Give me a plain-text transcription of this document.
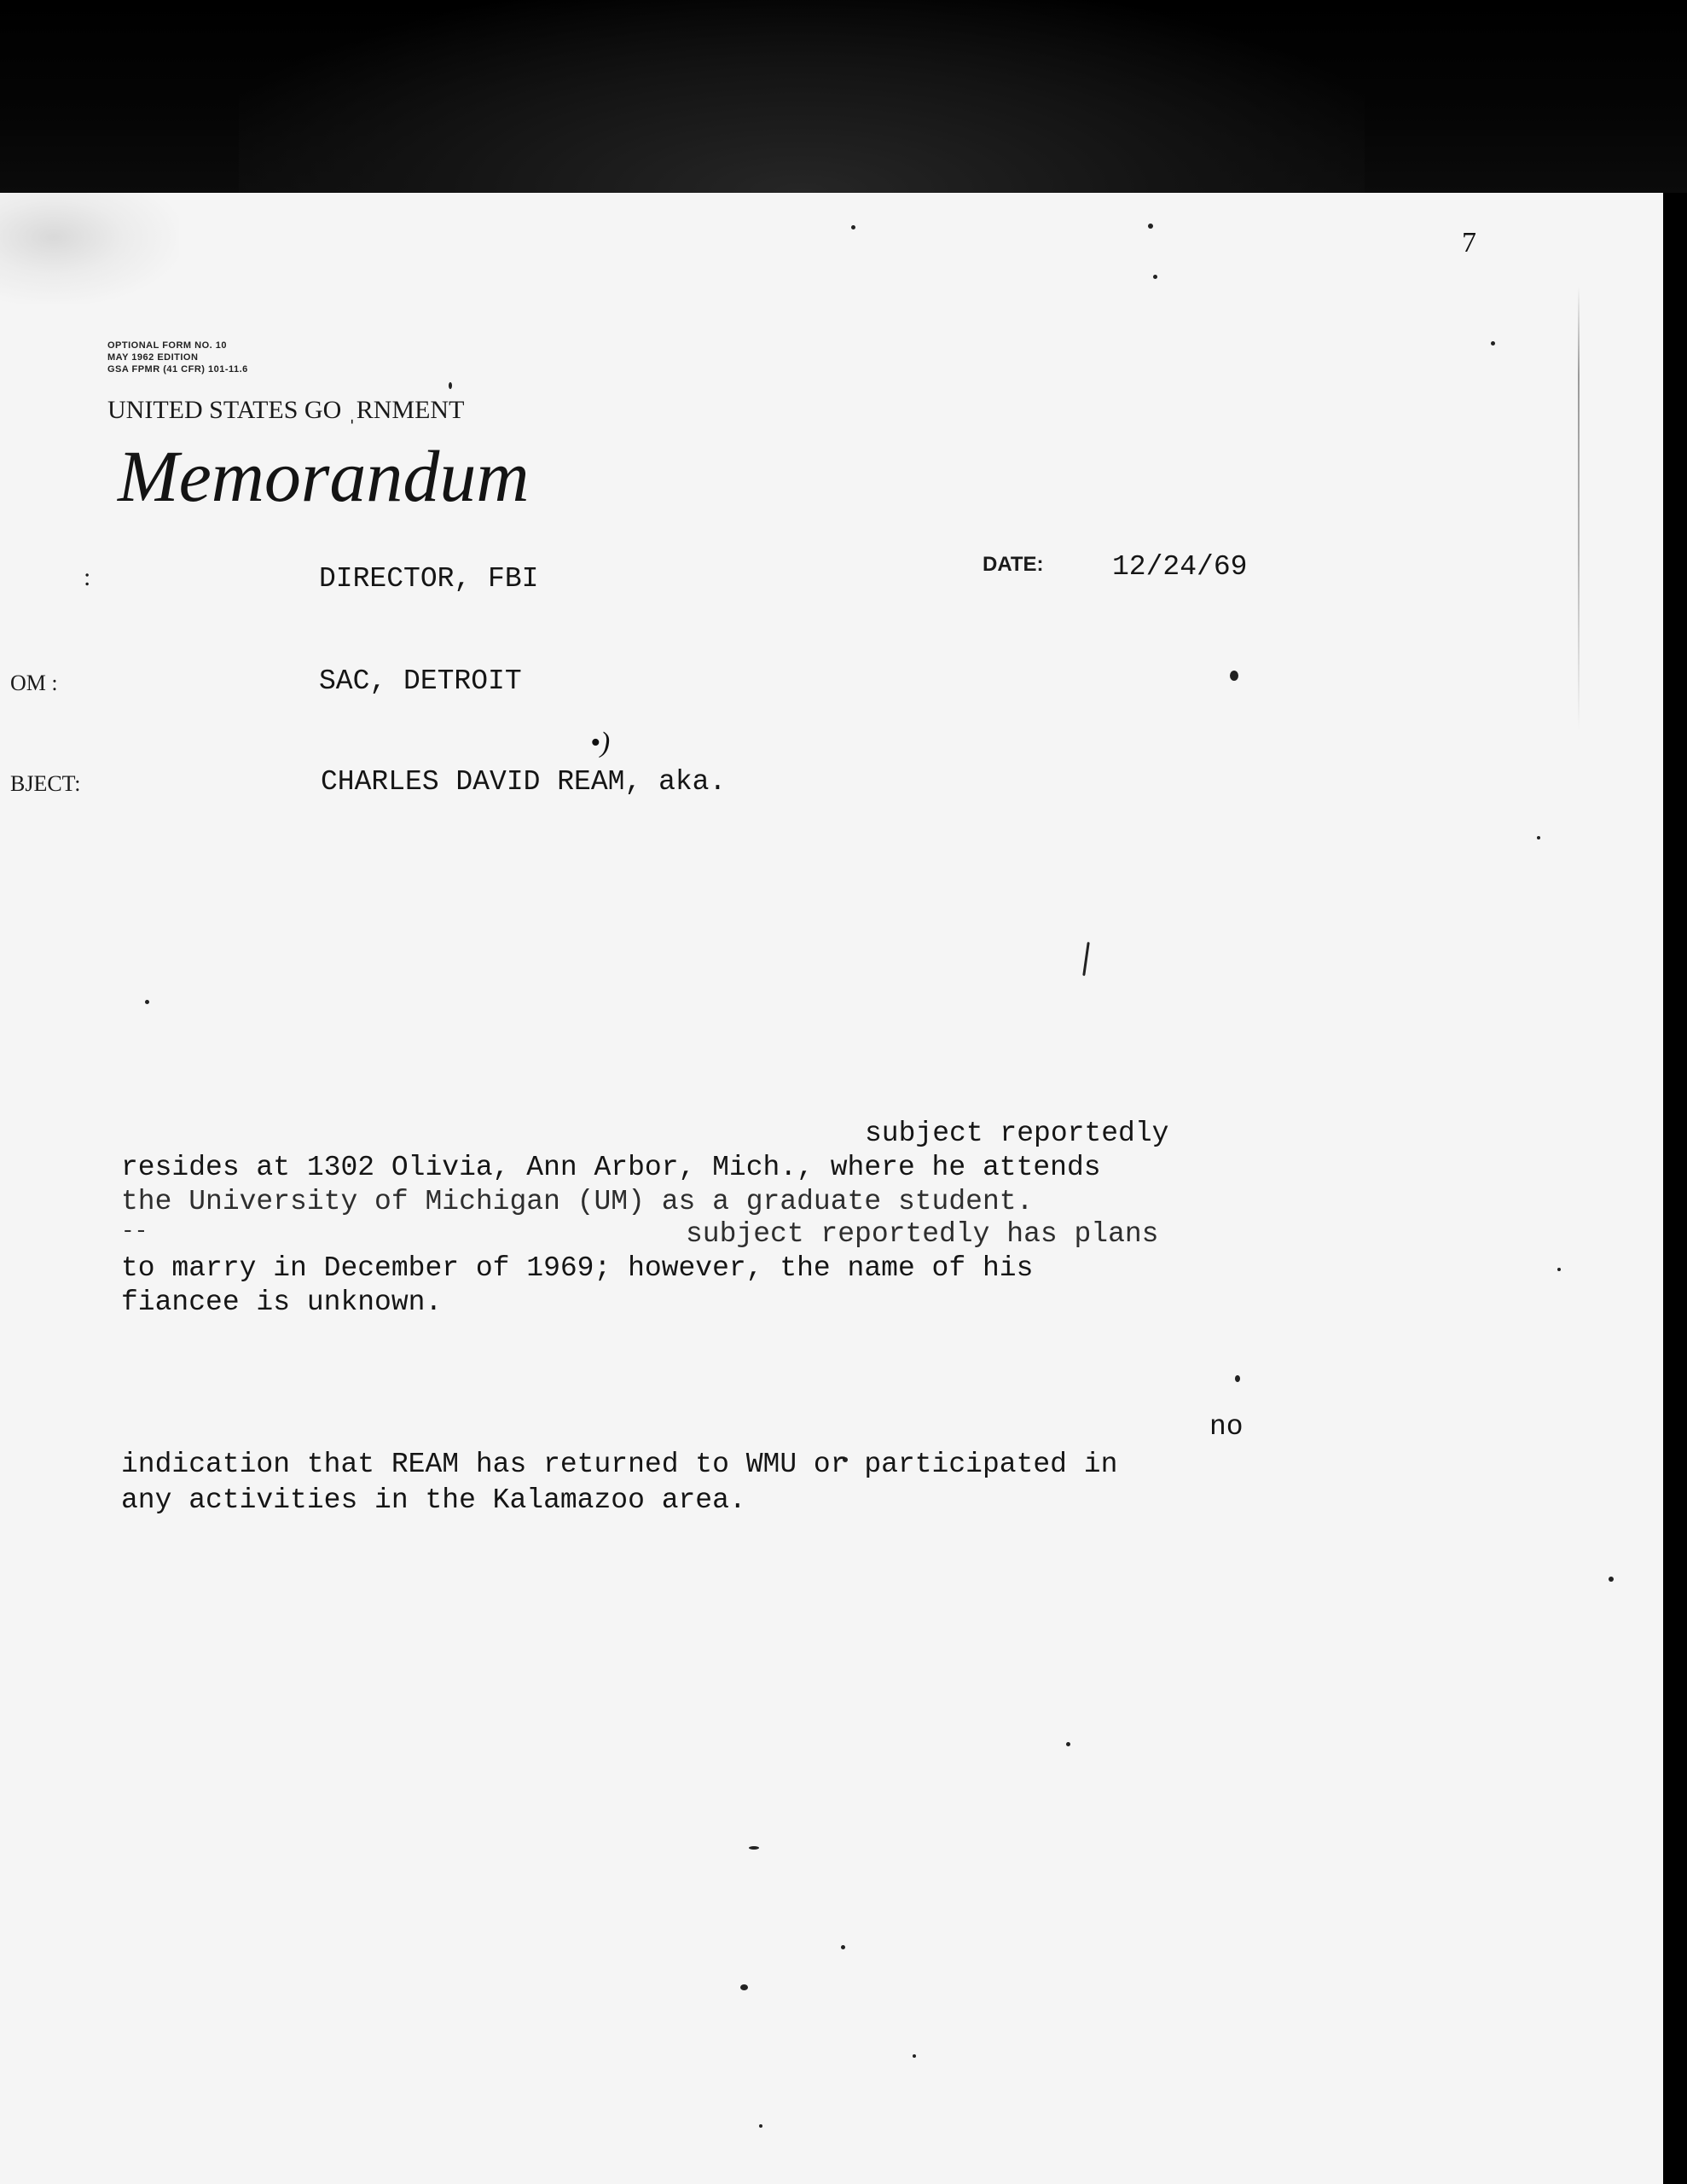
7
•)
OPTIONAL FORM NO. 10
MAY 1962 EDITION
GSA FPMR (41 CFR) 101-11.6
UNITED STATES GO ˌRNMENT
Memorandum
:	DIRECTOR, FBI	DATE: 12/24/69
OM :	SAC, DETROIT
BJECT:	CHARLES DAVID REAM, aka.
subject reportedly
resides at 1302 Olivia, Ann Arbor, Mich., where he attends
the University of Michigan (UM) as a graduate student.
--	subject reportedly has plans
to marry in December of 1969; however, the name of his
fiancee is unknown.
no
indication that REAM has returned to WMU or participated in
any activities in the Kalamazoo area.
